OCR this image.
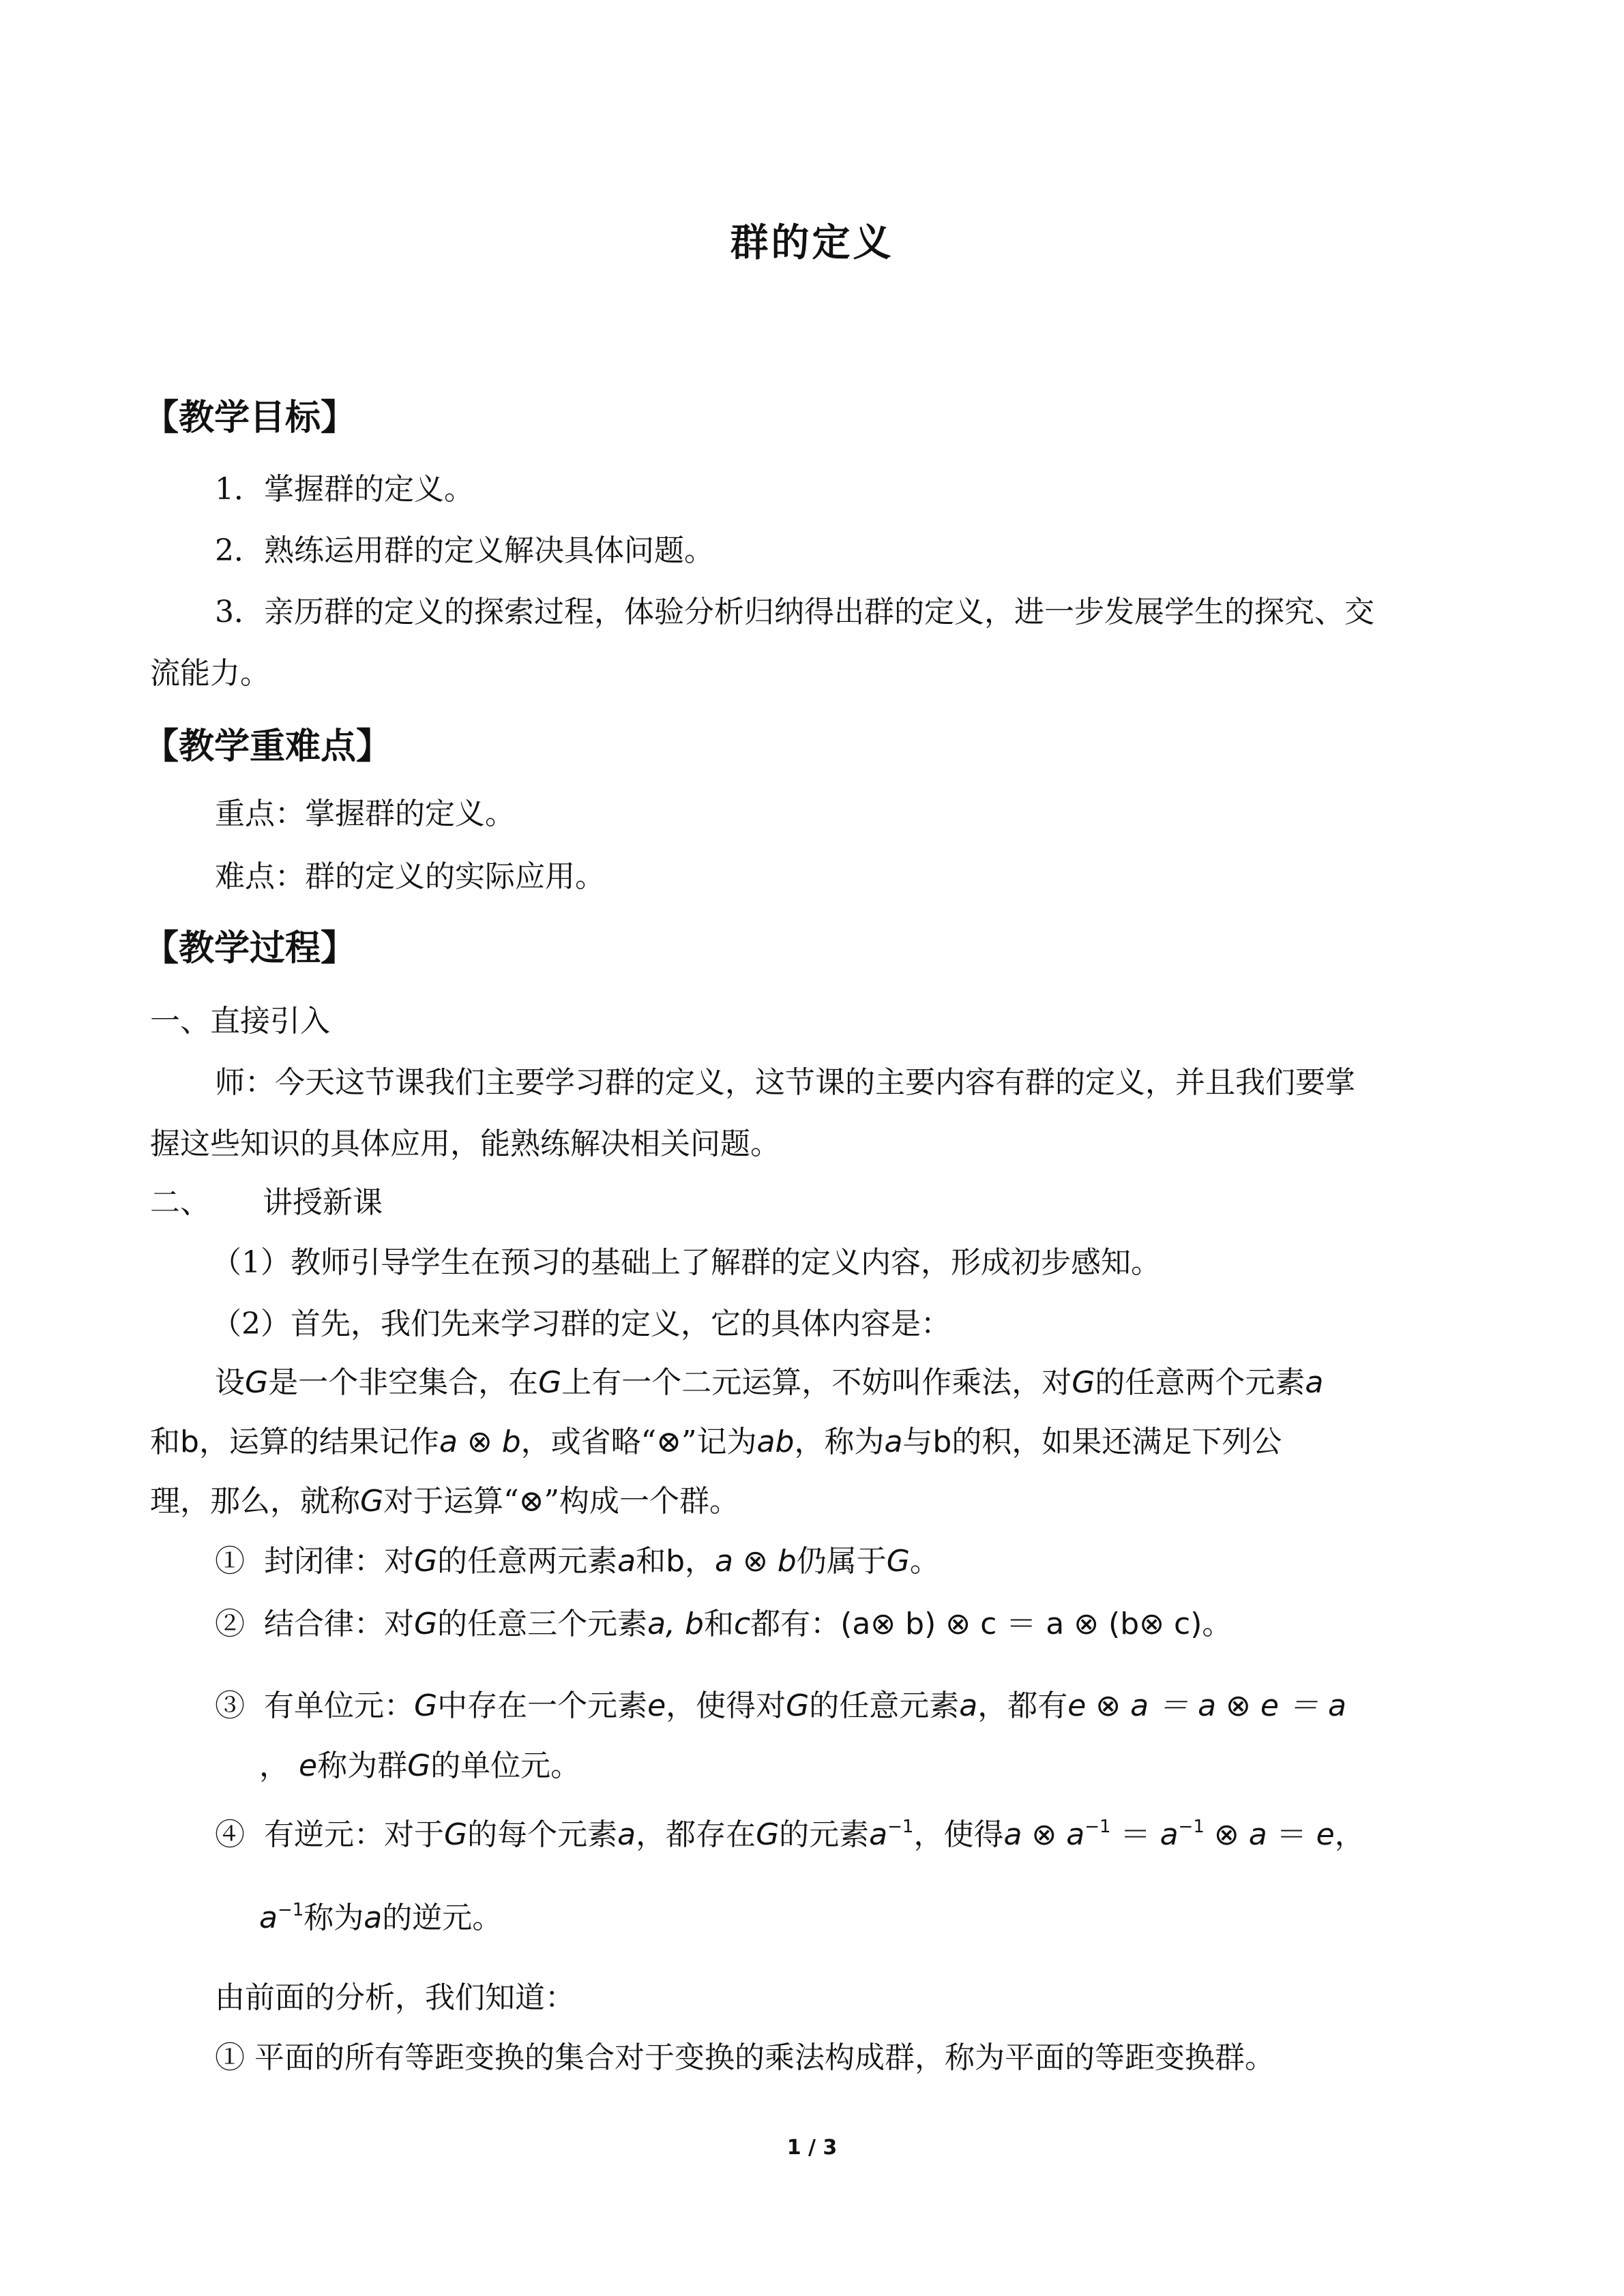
群的定义
【教学目标】
1．掌握群的定义。
2．熟练运用群的定义解决具体问题。
3．亲历群的定义的探索过程，体验分析归纳得出群的定义，进一步发展学生的探究、交
流能力。
【教学重难点】
重点：掌握群的定义。
难点：群的定义的实际应用。
【教学过程】
一、直接引入
师：今天这节课我们主要学习群的定义，这节课的主要内容有群的定义，并且我们要掌
握这些知识的具体应用，能熟练解决相关问题。
二、 讲授新课
（1）教师引导学生在预习的基础上了解群的定义内容，形成初步感知。
（2）首先，我们先来学习群的定义，它的具体内容是：
设G是一个非空集合，在G上有一个二元运算，不妨叫作乘法，对G的任意两个元素a
和b，运算的结果记作a ⊗ b，或省略“⊗”记为ab，称为a与b的积，如果还满足下列公
理，那么，就称G对于运算“⊗”构成一个群。
① 封闭律：对G的任意两元素a和b，a ⊗ b仍属于G。
② 结合律：对G的任意三个元素a, b和c都有：(a⊗ b) ⊗ c ＝ a ⊗ (b⊗ c)。
③ 有单位元：G中存在一个元素e，使得对G的任意元素a，都有e ⊗ a ＝ a ⊗ e ＝ a
， e称为群G的单位元。
④ 有逆元：对于G的每个元素a，都存在G的元素$a^{-1}$，使得a ⊗ $a^{-1} = a^{-1}$ ⊗ a ＝ e，
$a^{-1}$称为a的逆元。
由前面的分析，我们知道：
① 平面的所有等距变换的集合对于变换的乘法构成群，称为平面的等距变换群。
1 / 3
